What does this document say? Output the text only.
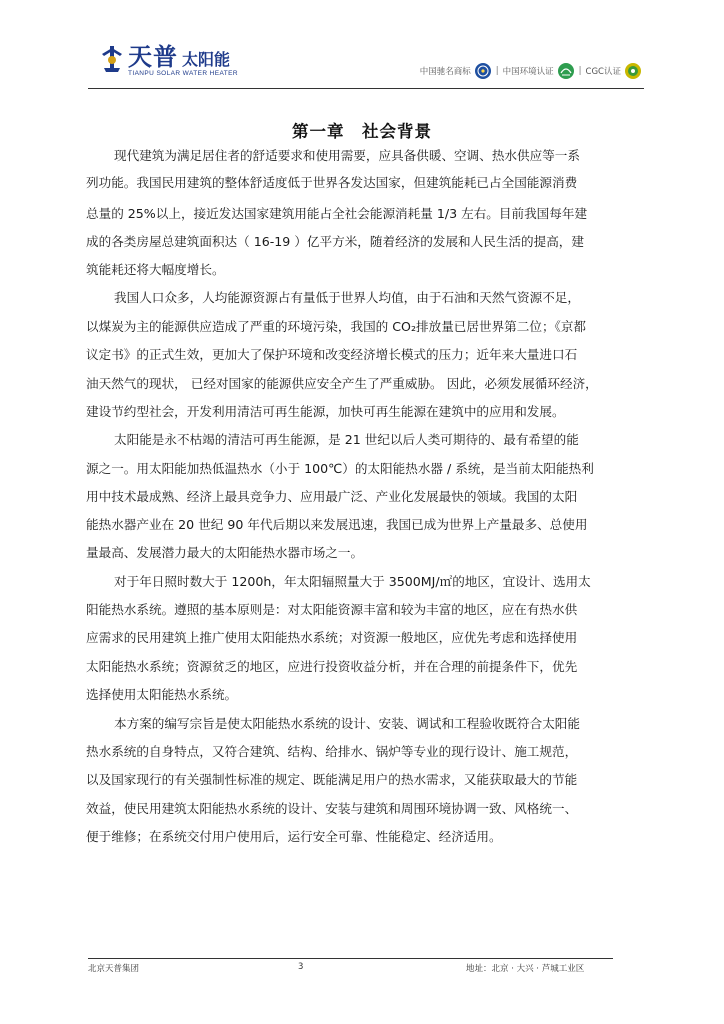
天普 太阳能
TIANPU SOLAR WATER HEATER	中国驰名商标	| 中国环境认证	| CGC认证
第一章　社会背景
现代建筑为满足居住者的舒适要求和使用需要，应具备供暖、空调、热水供应等一系
列功能。我国民用建筑的整体舒适度低于世界各发达国家，但建筑能耗已占全国能源消费
总量的 25%以上，接近发达国家建筑用能占全社会能源消耗量 1/3 左右。目前我国每年建
成的各类房屋总建筑面积达（ 16-19 ）亿平方米，随着经济的发展和人民生活的提高，建
筑能耗还将大幅度增长。
我国人口众多，人均能源资源占有量低于世界人均值，由于石油和天然气资源不足，
以煤炭为主的能源供应造成了严重的环境污染，我国的 CO₂排放量已居世界第二位；《京都
议定书》的正式生效，更加大了保护环境和改变经济增长模式的压力；近年来大量进口石
油天然气的现状， 已经对国家的能源供应安全产生了严重威胁。 因此，必须发展循环经济，
建设节约型社会，开发利用清洁可再生能源，加快可再生能源在建筑中的应用和发展。
太阳能是永不枯竭的清洁可再生能源，是 21 世纪以后人类可期待的、最有希望的能
源之一。用太阳能加热低温热水（小于 100℃）的太阳能热水器 / 系统，是当前太阳能热利
用中技术最成熟、经济上最具竞争力、应用最广泛、产业化发展最快的领域。我国的太阳
能热水器产业在 20 世纪 90 年代后期以来发展迅速，我国已成为世界上产量最多、总使用
量最高、发展潜力最大的太阳能热水器市场之一。
对于年日照时数大于 1200h，年太阳辐照量大于 3500MJ/㎡的地区，宜设计、选用太
阳能热水系统。遵照的基本原则是：对太阳能资源丰富和较为丰富的地区，应在有热水供
应需求的民用建筑上推广使用太阳能热水系统；对资源一般地区，应优先考虑和选择使用
太阳能热水系统；资源贫乏的地区，应进行投资收益分析，并在合理的前提条件下，优先
选择使用太阳能热水系统。
本方案的编写宗旨是使太阳能热水系统的设计、安装、调试和工程验收既符合太阳能
热水系统的自身特点，又符合建筑、结构、给排水、锅炉等专业的现行设计、施工规范，
以及国家现行的有关强制性标准的规定、既能满足用户的热水需求，又能获取最大的节能
效益，使民用建筑太阳能热水系统的设计、安装与建筑和周围环境协调一致、风格统一、
便于维修；在系统交付用户使用后，运行安全可靠、性能稳定、经济适用。
北京天普集团	3	地址：北京 · 大兴 · 芦城工业区
